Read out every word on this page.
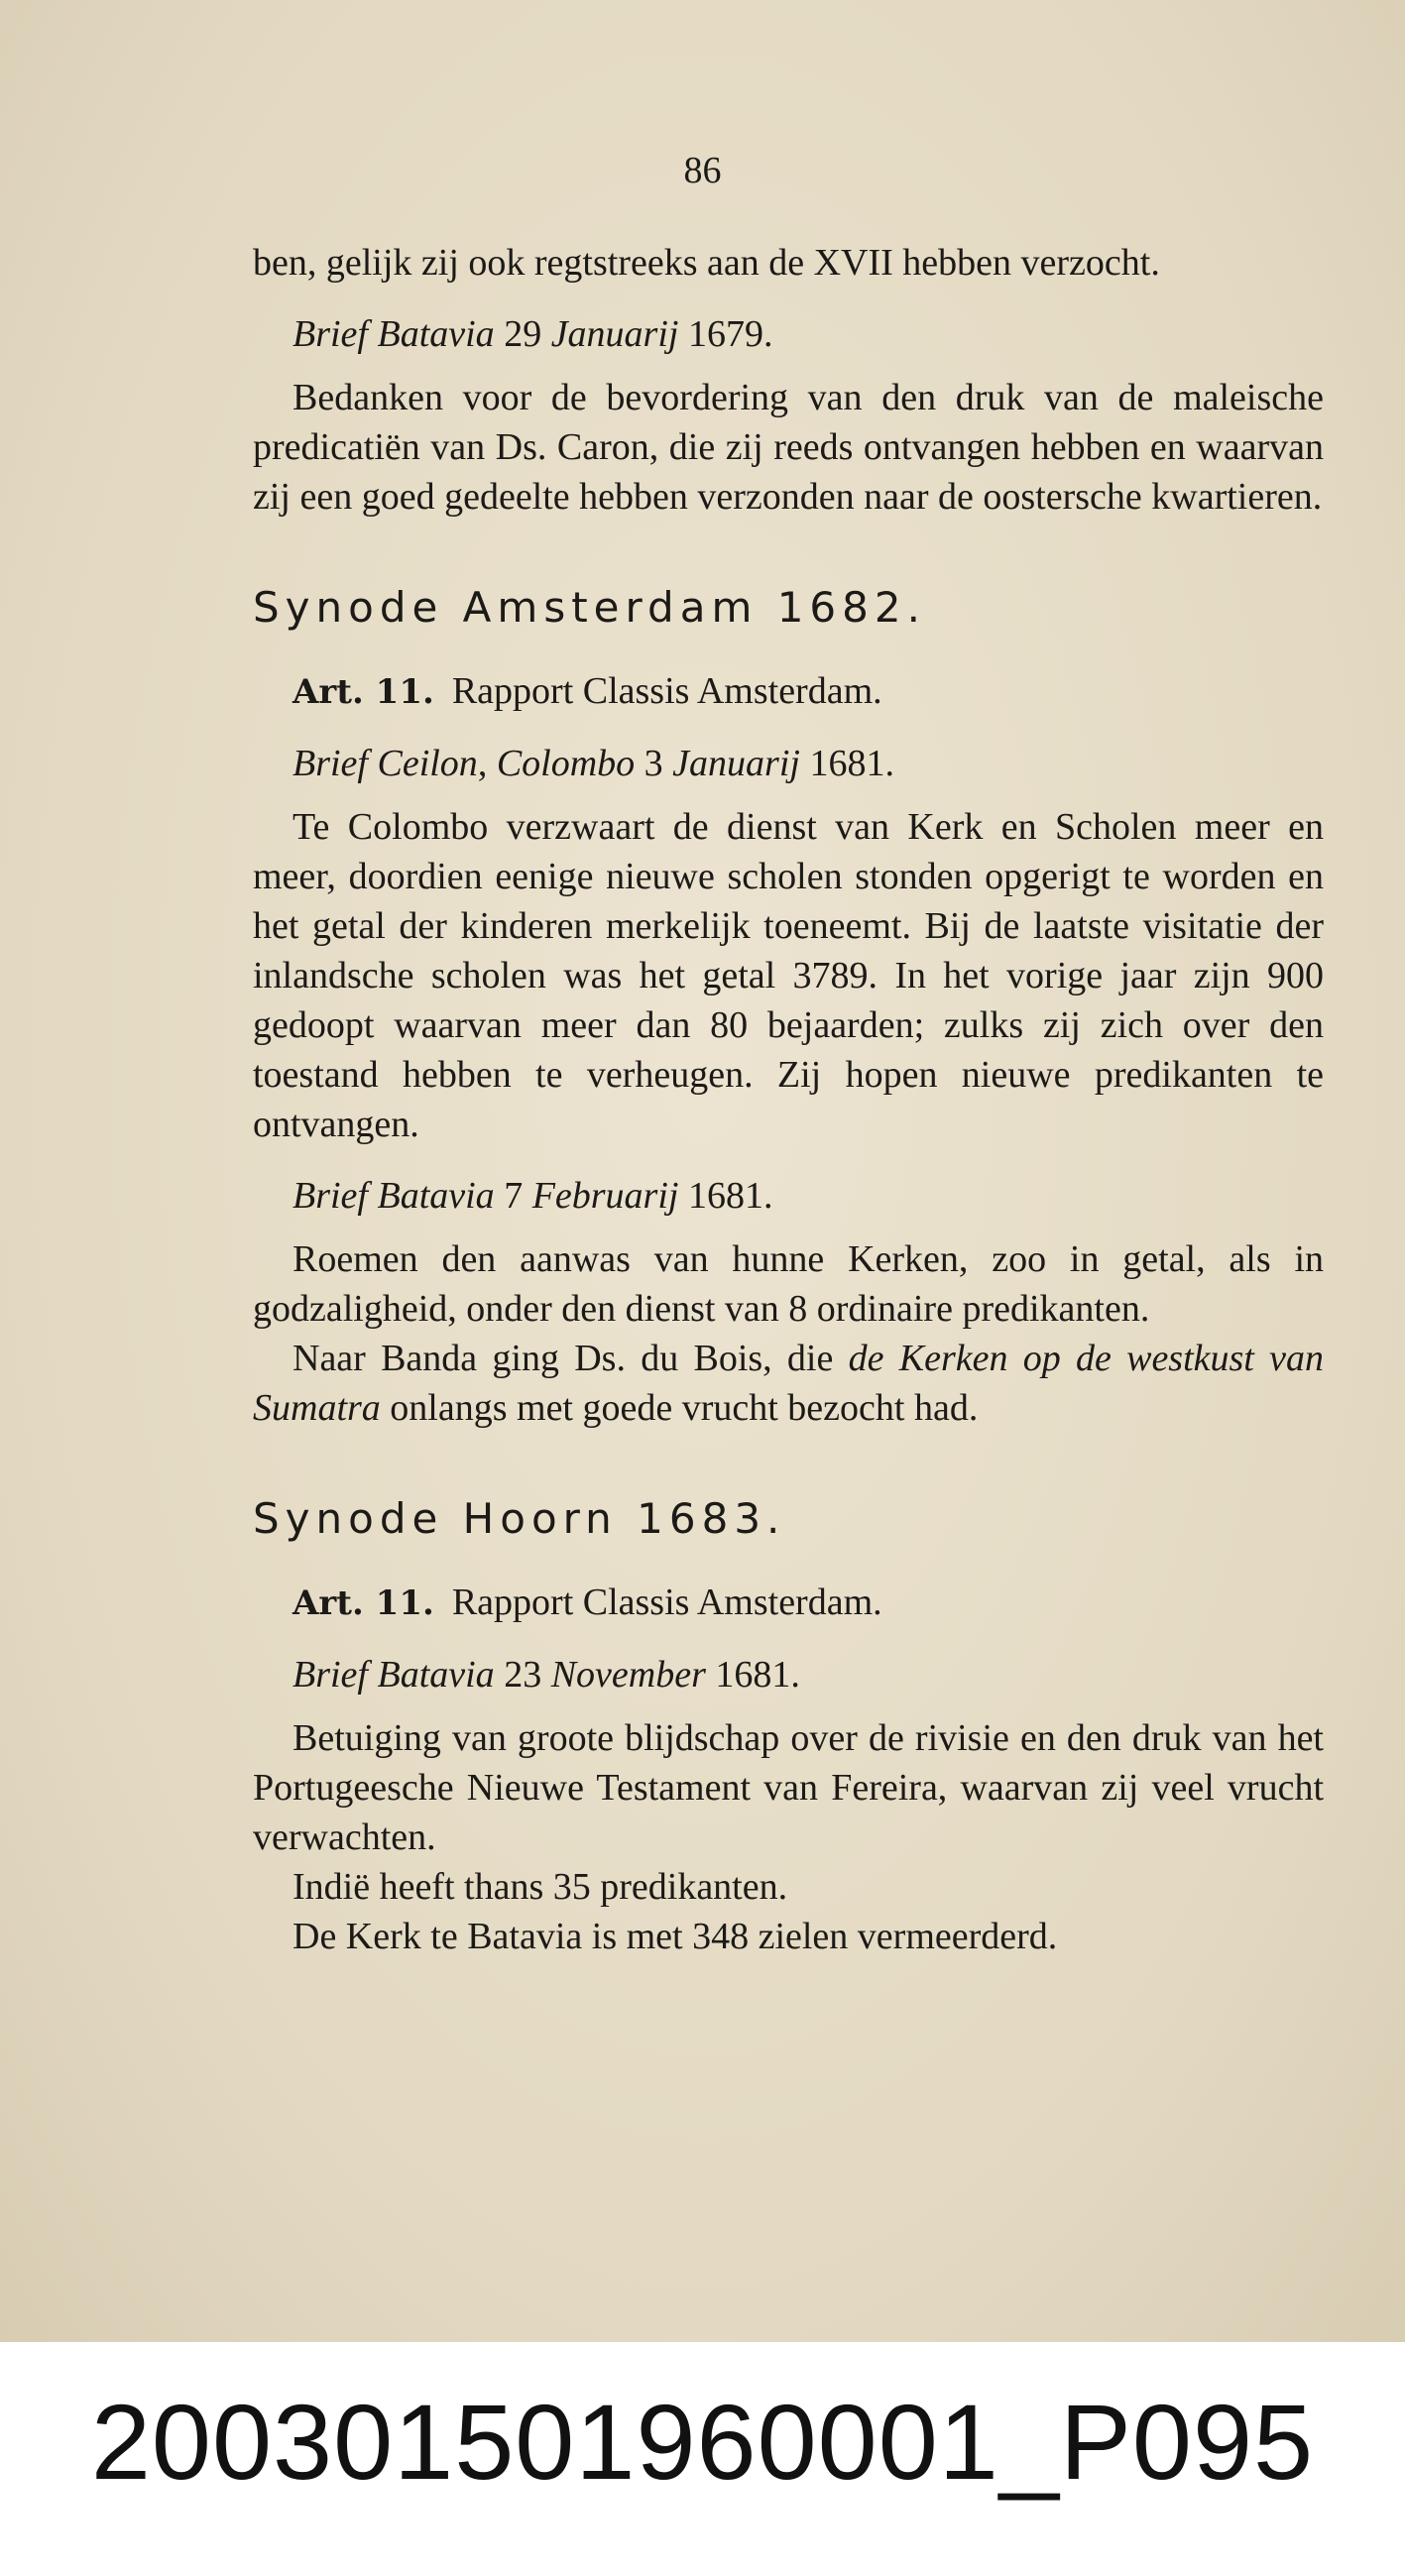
86

ben, gelijk zij ook regtstreeks aan de XVII hebben verzocht.

Brief Batavia 29 Januarij 1679.

Bedanken voor de bevordering van den druk van de maleische predicatiën van Ds. Caron, die zij reeds ontvangen hebben en waarvan zij een goed gedeelte hebben verzonden naar de oostersche kwartieren.

Synode Amsterdam 1682.

Art. 11. Rapport Classis Amsterdam.

Brief Ceilon, Colombo 3 Januarij 1681.

Te Colombo verzwaart de dienst van Kerk en Scholen meer en meer, doordien eenige nieuwe scholen stonden opgerigt te worden en het getal der kinderen merkelijk toeneemt. Bij de laatste visitatie der inlandsche scholen was het getal 3789. In het vorige jaar zijn 900 gedoopt waarvan meer dan 80 bejaarden; zulks zij zich over den toestand hebben te verheugen. Zij hopen nieuwe predikanten te ontvangen.

Brief Batavia 7 Februarij 1681.

Roemen den aanwas van hunne Kerken, zoo in getal, als in godzaligheid, onder den dienst van 8 ordinaire predikanten.

Naar Banda ging Ds. du Bois, die de Kerken op de westkust van Sumatra onlangs met goede vrucht bezocht had.

Synode Hoorn 1683.

Art. 11. Rapport Classis Amsterdam.

Brief Batavia 23 November 1681.

Betuiging van groote blijdschap over de rivisie en den druk van het Portugeesche Nieuwe Testament van Fereira, waarvan zij veel vrucht verwachten.

Indië heeft thans 35 predikanten.

De Kerk te Batavia is met 348 zielen vermeerderd.

20030150196000​1_P095
